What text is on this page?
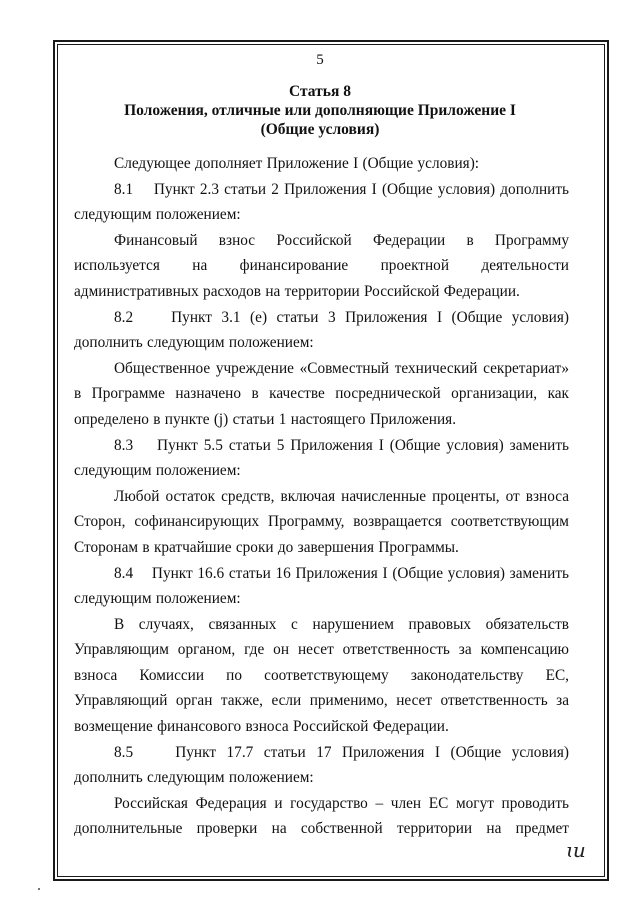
5
Статья 8
Положения, отличные или дополняющие Приложение I
(Общие условия)

Следующее дополняет Приложение I (Общие условия):

8.1    Пункт 2.3 статьи 2 Приложения I (Общие условия) дополнить следующим положением:

Финансовый взнос Российской Федерации в Программу используется на финансирование проектной деятельности административных расходов на территории Российской Федерации.

8.2    Пункт 3.1 (е) статьи 3 Приложения I (Общие условия) дополнить следующим положением:

Общественное учреждение «Совместный технический секретариат» в Программе назначено в качестве посреднической организации, как определено в пункте (j) статьи 1 настоящего Приложения.

8.3    Пункт 5.5 статьи 5 Приложения I (Общие условия) заменить следующим положением:

Любой остаток средств, включая начисленные проценты, от взноса Сторон, софинансирующих Программу, возвращается соответствующим Сторонам в кратчайшие сроки до завершения Программы.

8.4    Пункт 16.6 статьи 16 Приложения I (Общие условия) заменить следующим положением:

В случаях, связанных с нарушением правовых обязательств Управляющим органом, где он несет ответственность за компенсацию взноса Комиссии по соответствующему законодательству ЕС, Управляющий орган также, если применимо, несет ответственность за возмещение финансового взноса Российской Федерации.

8.5    Пункт 17.7 статьи 17 Приложения I (Общие условия) дополнить следующим положением:

Российская Федерация и государство – член ЕС могут проводить дополнительные проверки на собственной территории на предмет

ɩи
